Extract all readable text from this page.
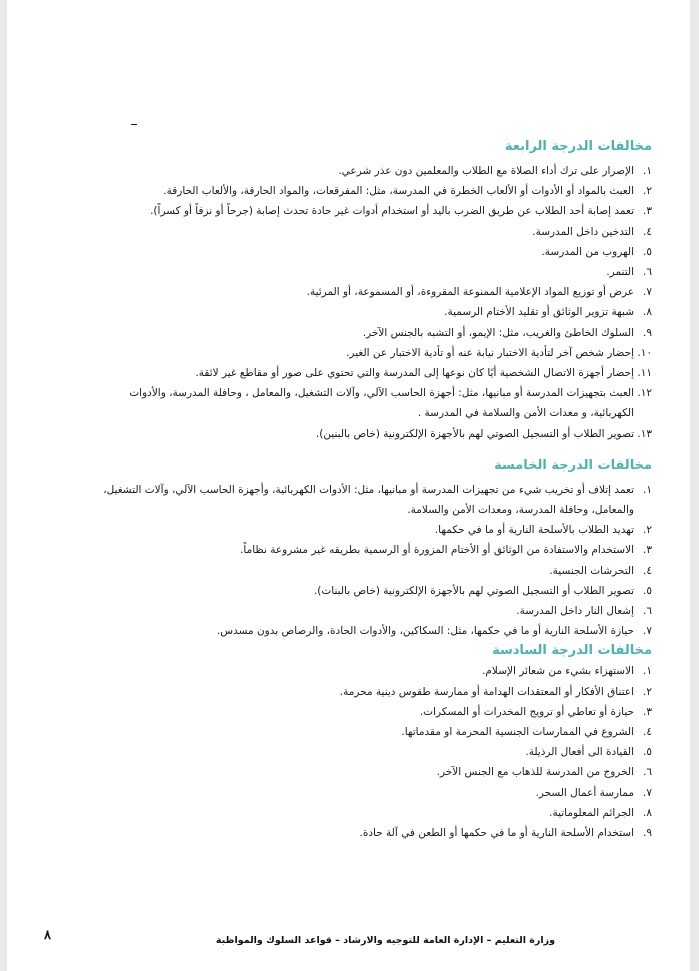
مخالفات الدرجة الرابعة
١.
الإصرار على ترك أداء الصلاة مع الطلاب والمعلمين دون عذر شرعي.
٢.
العبث بالمواد أو الأدوات أو الألعاب الخطرة في المدرسة، مثل: المفرقعات، والمواد الحارقة، والألعاب الحارقة.
٣.
تعمد إصابة أحد الطلاب عن طريق الضرب باليد أو استخدام أدوات غير حادة تحدث إصابة (جرحاً أو نزفاً أو كسراً).
٤.
التدخين داخل المدرسة.
٥.
الهروب من المدرسة.
٦.
التنمر.
٧.
عرض أو توزيع المواد الإعلامية الممنوعة المقروءة، أو المسموعة، أو المرئية.
٨.
شبهة تزوير الوثائق أو تقليد الأختام الرسمية.
٩.
السلوك الخاطئ والغريب، مثل: الإيمو، أو التشبه بالجنس الآخر.
١٠.
إحضار شخص آخر لتأدية الاختبار نيابة عنه أو تأدية الاختبار عن الغير.
١١.
إحضار أجهزة الاتصال الشخصية أيًا كان نوعها إلى المدرسة والتي تحتوي على صور أو مقاطع غير لائقة.
١٢.
العبث بتجهيزات المدرسة أو مبانيها، مثل: أجهزة الحاسب الآلي، وآلات التشغيل، والمعامل ، وحافلة المدرسة، والأدوات الكهربائية، و معدات الأمن والسلامة في المدرسة .
١٣.
تصوير الطلاب أو التسجيل الصوتي لهم بالأجهزة الإلكترونية (خاص بالبنين).
مخالفات الدرجة الخامسة
١.
تعمد إتلاف أو تخريب شيء من تجهيزات المدرسة أو مبانيها، مثل: الأدوات الكهربائية، وأجهزة الحاسب الآلي، وآلات التشغيل، والمعامل، وحافلة المدرسة، ومعدات الأمن والسلامة.
٢.
تهديد الطلاب بالأسلحة النارية أو ما في حكمها.
٣.
الاستخدام والاستفادة من الوثائق أو الأختام المزورة أو الرسمية بطريقه غير مشروعة نظاماً.
٤.
التحرشات الجنسية.
٥.
تصوير الطلاب أو التسجيل الصوتي لهم بالأجهزة الإلكترونية (خاص بالبنات).
٦.
إشعال النار داخل المدرسة.
٧.
حيازة الأسلحة النارية أو ما في حكمها، مثل: السكاكين، والأدوات الحادة، والرصاص بدون مسدس.
مخالفات الدرجة السادسة
١.
الاستهزاء بشيء من شعائر الإسلام.
٢.
اعتناق الأفكار أو المعتقدات الهدامة أو ممارسة طقوس دينية محرمة.
٣.
حيازة أو تعاطي أو ترويج المخدرات أو المسكرات.
٤.
الشروع في الممارسات الجنسية المحرمة او مقدماتها.
٥.
القيادة الى أفعال الرذيلة.
٦.
الخروج من المدرسة للذهاب مع الجنس الآخر.
٧.
ممارسة أعمال السحر.
٨.
الجرائم المعلوماتية.
٩.
استخدام الأسلحة النارية أو ما في حكمها أو الطعن في آلة حادة.
٨	وزارة التعليم – الإدارة العامة للتوجيه والارشاد – قواعد السلوك والمواظبة
